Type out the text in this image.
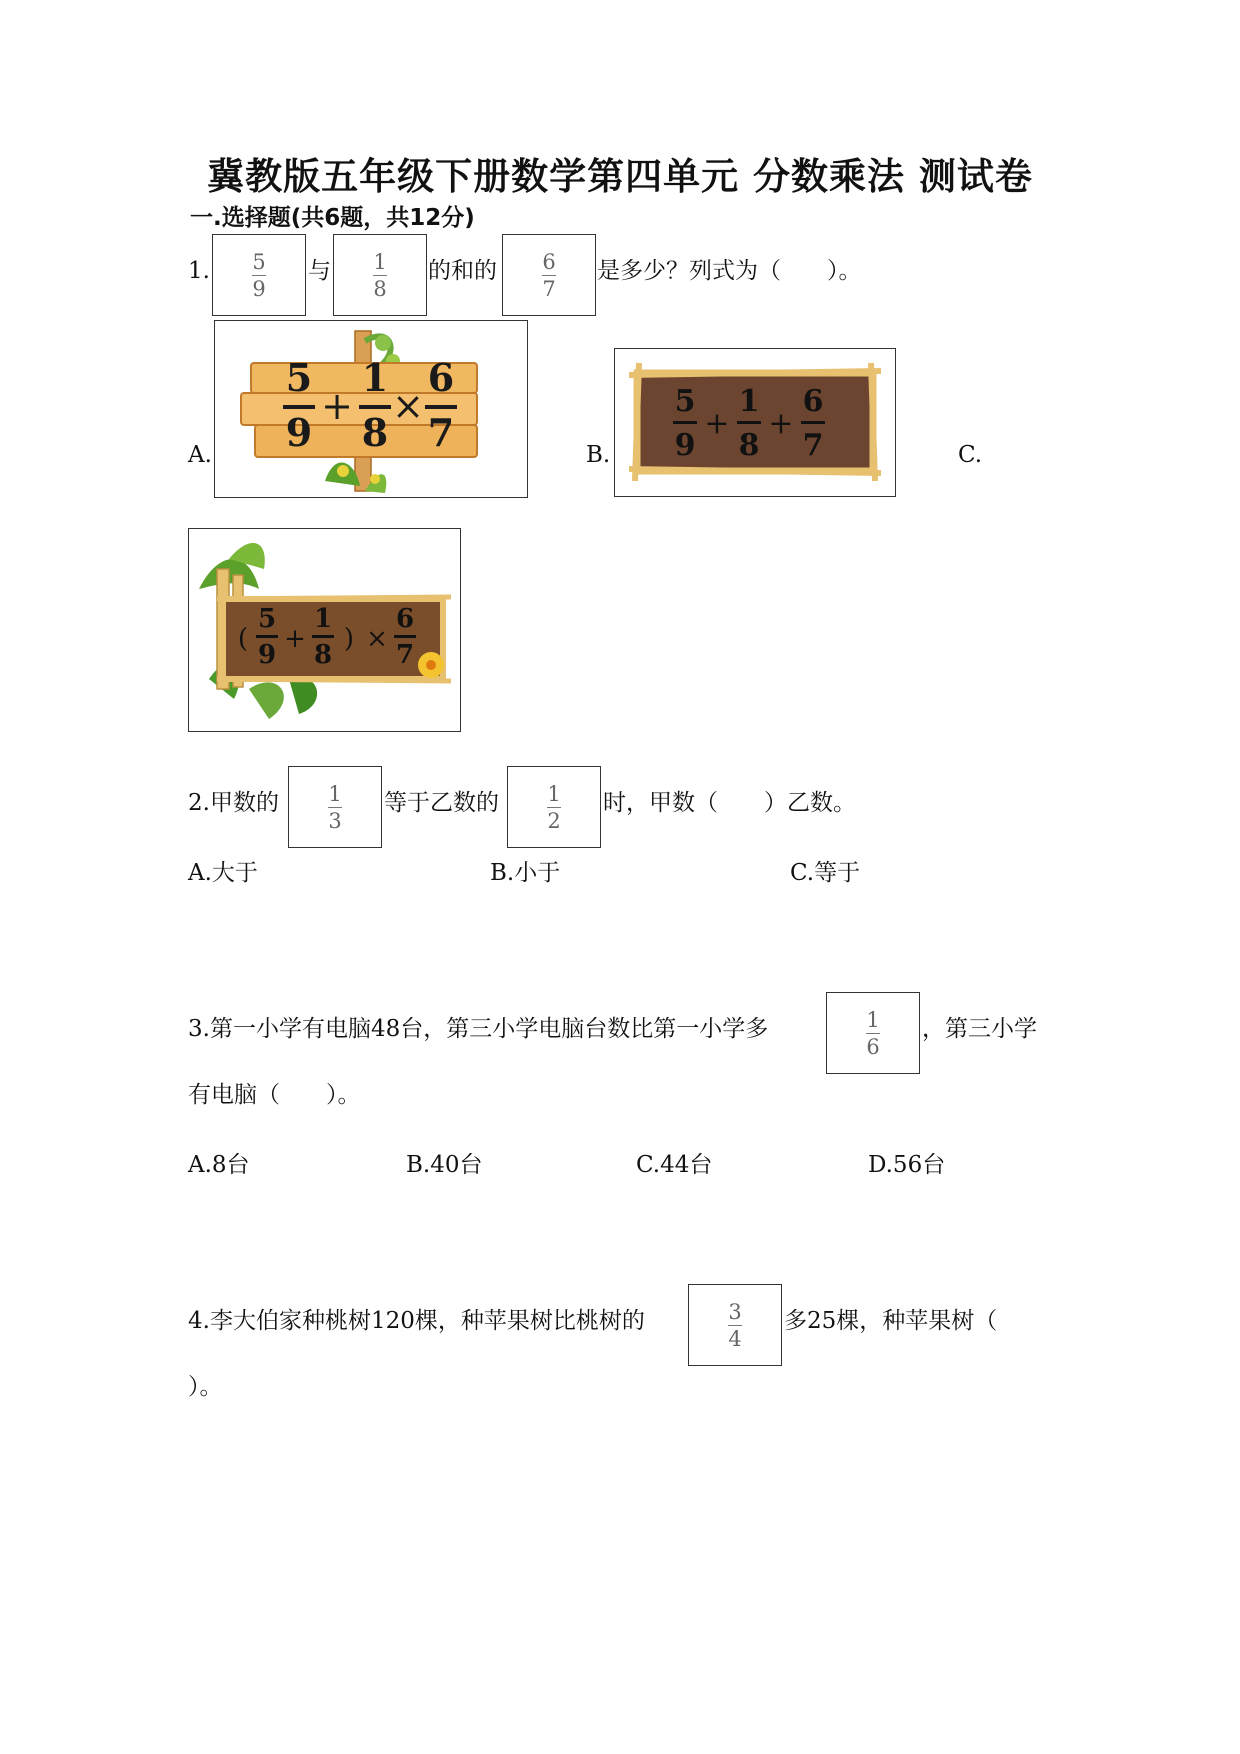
冀教版五年级下册数学第四单元 分数乘法 测试卷
一.选择题(共6题，共12分)
1. $\frac{5}{9}$ 与 $\frac{1}{8}$ 的和的 $\frac{6}{7}$ 是多少？列式为（　　）。
A.
5
9
+
1
8
×
6
7	B.
5
9
+
1
8
+
6
7	C.
(
5
9
+
1
8
) ×
6
7
2.甲数的 $\frac{1}{3}$ 等于乙数的 $\frac{1}{2}$ 时，甲数（　　）乙数。
A.大于	B.小于	C.等于
3.第一小学有电脑48台，第三小学电脑台数比第一小学多	$\frac{1}{6}$ ，第三小学
有电脑（　　）。
A.8台	B.40台	C.44台	D.56台
4.李大伯家种桃树120棵，种苹果树比桃树的	$\frac{3}{4}$ 多25棵，种苹果树（
）。
